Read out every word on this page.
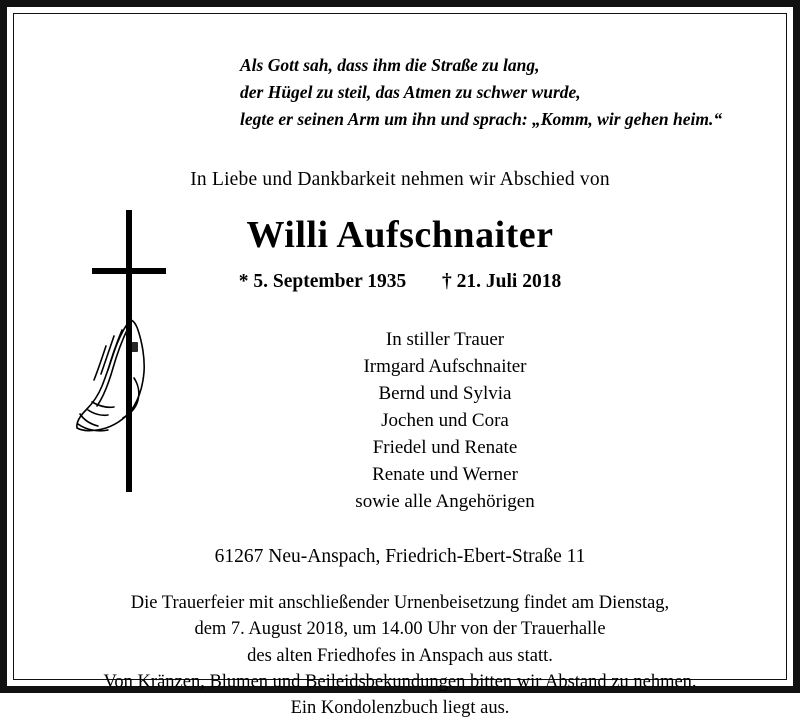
Als Gott sah, dass ihm die Straße zu lang,
der Hügel zu steil, das Atmen zu schwer wurde,
legte er seinen Arm um ihn und sprach: „Komm, wir gehen heim.“
In Liebe und Dankbarkeit nehmen wir Abschied von
Willi Aufschnaiter
* 5. September 1935 † 21. Juli 2018
In stiller Trauer
Irmgard Aufschnaiter
Bernd und Sylvia
Jochen und Cora
Friedel und Renate
Renate und Werner
sowie alle Angehörigen
61267 Neu-Anspach, Friedrich-Ebert-Straße 11
Die Trauerfeier mit anschließender Urnenbeisetzung findet am Dienstag,
dem 7. August 2018, um 14.00 Uhr von der Trauerhalle
des alten Friedhofes in Anspach aus statt.
Von Kränzen, Blumen und Beileidsbekundungen bitten wir Abstand zu nehmen.
Ein Kondolenzbuch liegt aus.
